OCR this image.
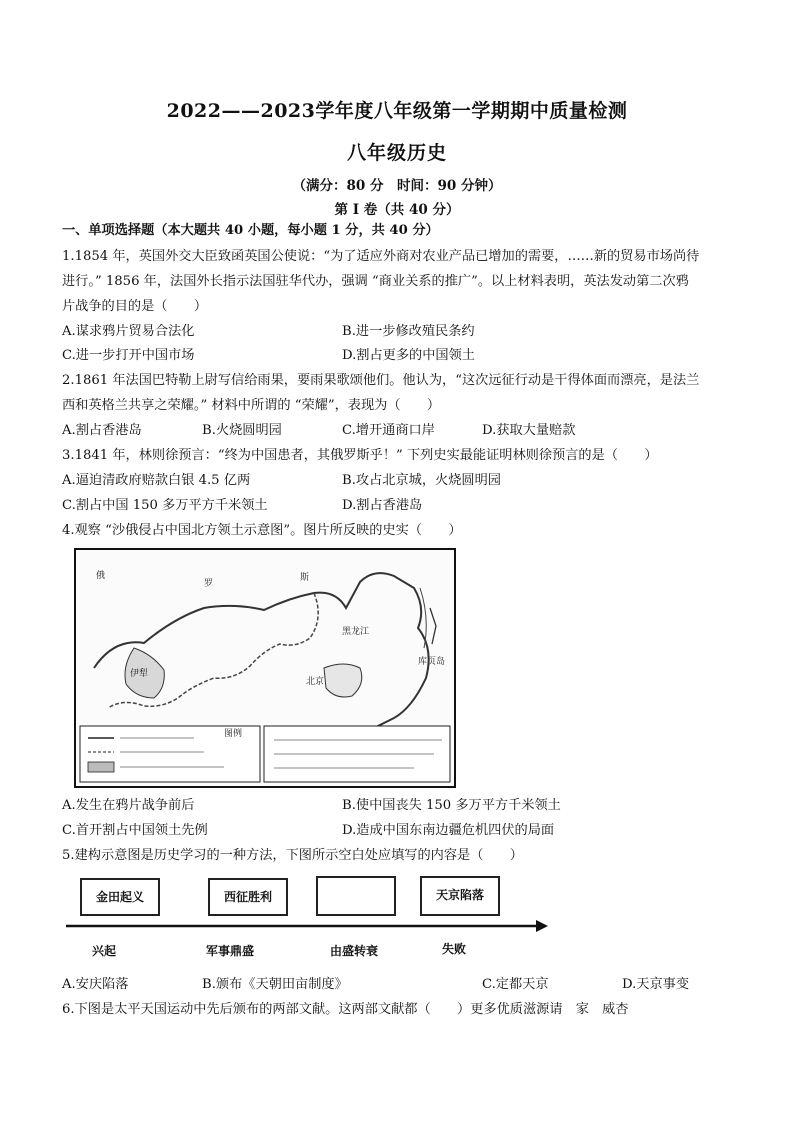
2022——2023学年度八年级第一学期期中质量检测
八年级历史
（满分：80 分　时间：90 分钟）
第 I 卷（共 40 分）
一、单项选择题（本大题共 40 小题，每小题 1 分，共 40 分）
1.1854 年，英国外交大臣致函英国公使说：“为了适应外商对农业产品已增加的需要，……新的贸易市场尚待
进行。” 1856 年，法国外长指示法国驻华代办，强调 “商业关系的推广”。以上材料表明，英法发动第二次鸦
片战争的目的是（　　）
A.谋求鸦片贸易合法化	B.进一步修改殖民条约
C.进一步打开中国市场	D.割占更多的中国领土
2.1861 年法国巴特勒上尉写信给雨果，要雨果歌颂他们。他认为，“这次远征行动是干得体面而漂亮，是法兰
西和英格兰共享之荣耀。” 材料中所谓的 “荣耀”，表现为（　　）
A.割占香港岛	B.火烧圆明园	C.增开通商口岸	D.获取大量赔款
3.1841 年，林则徐预言：“终为中国患者，其俄罗斯乎！” 下列史实最能证明林则徐预言的是（　　）
A.逼迫清政府赔款白银 4.5 亿两	B.攻占北京城，火烧圆明园
C.割占中国 150 多万平方千米领土	D.割占香港岛
4.观察 “沙俄侵占中国北方领土示意图”。图片所反映的史实（　　）
俄
罗
斯
黑龙江
北京
伊犁
库页岛
图例
A.发生在鸦片战争前后	B.使中国丧失 150 多万平方千米领土
C.首开割占中国领土先例	D.造成中国东南边疆危机四伏的局面
5.建构示意图是历史学习的一种方法，下图所示空白处应填写的内容是（　　）
金田起义	西征胜利	天京陷落
兴起	军事鼎盛	由盛转衰	失败
A.安庆陷落	B.颁布《天朝田亩制度》	C.定都天京	D.天京事变
6.下图是太平天国运动中先后颁布的两部文献。这两部文献都（　　）更多优质滋源请　家　威杏
